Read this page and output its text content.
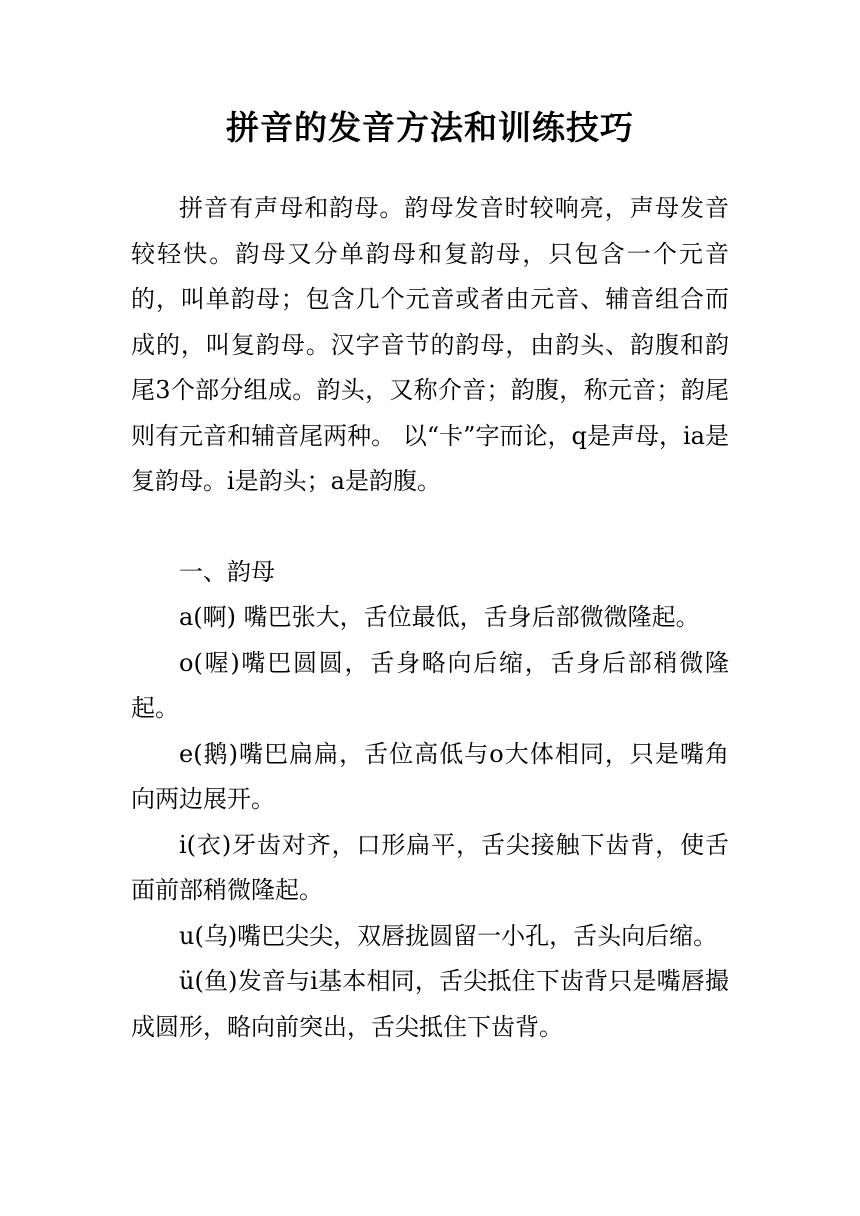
拼音的发音方法和训练技巧

拼音有声母和韵母。韵母发音时较响亮，声母发音较轻快。韵母又分单韵母和复韵母，只包含一个元音的，叫单韵母；包含几个元音或者由元音、辅音组合而成的，叫复韵母。汉字音节的韵母，由韵头、韵腹和韵尾3个部分组成。韵头，又称介音；韵腹，称元音；韵尾则有元音和辅音尾两种。 以“卡”字而论，q是声母，ia是复韵母。i是韵头；a是韵腹。

一、韵母

a(啊) 嘴巴张大，舌位最低，舌身后部微微隆起。

o(喔)嘴巴圆圆，舌身略向后缩，舌身后部稍微隆起。

e(鹅)嘴巴扁扁，舌位高低与o大体相同，只是嘴角向两边展开。

i(衣)牙齿对齐，口形扁平，舌尖接触下齿背，使舌面前部稍微隆起。

u(乌)嘴巴尖尖，双唇拢圆留一小孔，舌头向后缩。

ü(鱼)发音与i基本相同，舌尖抵住下齿背只是嘴唇撮成圆形，略向前突出，舌尖抵住下齿背。
